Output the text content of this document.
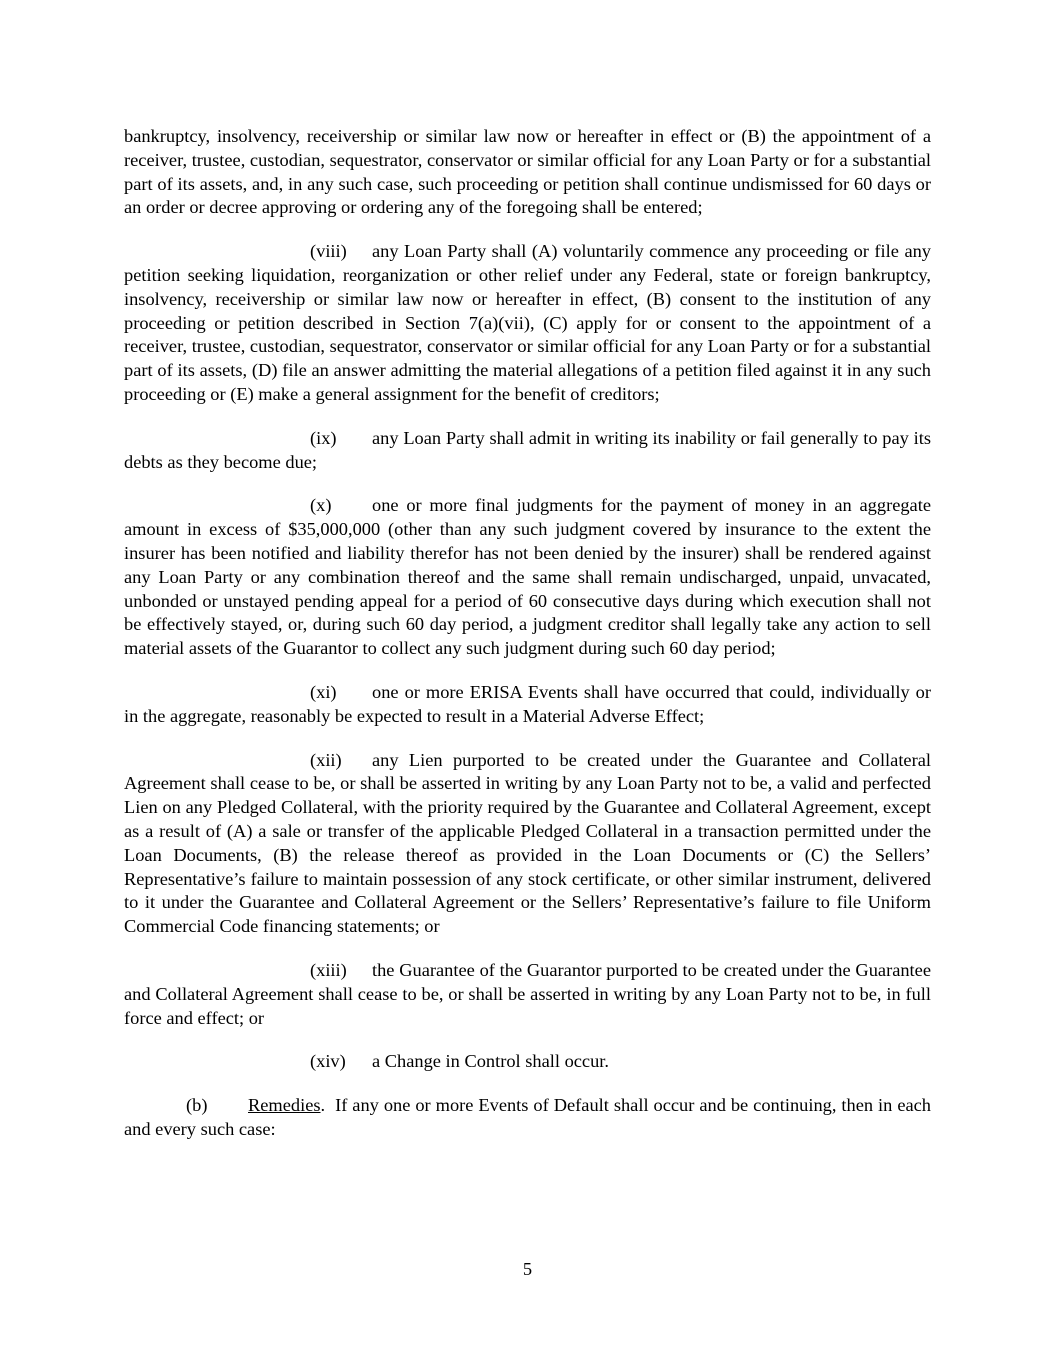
bankruptcy, insolvency, receivership or similar law now or hereafter in effect or (B) the appointment of a receiver, trustee, custodian, sequestrator, conservator or similar official for any Loan Party or for a substantial part of its assets, and, in any such case, such proceeding or petition shall continue undismissed for 60 days or an order or decree approving or ordering any of the foregoing shall be entered;

(viii) any Loan Party shall (A) voluntarily commence any proceeding or file any petition seeking liquidation, reorganization or other relief under any Federal, state or foreign bankruptcy, insolvency, receivership or similar law now or hereafter in effect, (B) consent to the institution of any proceeding or petition described in Section 7(a)(vii), (C) apply for or consent to the appointment of a receiver, trustee, custodian, sequestrator, conservator or similar official for any Loan Party or for a substantial part of its assets, (D) file an answer admitting the material allegations of a petition filed against it in any such proceeding or (E) make a general assignment for the benefit of creditors;

(ix) any Loan Party shall admit in writing its inability or fail generally to pay its debts as they become due;

(x) one or more final judgments for the payment of money in an aggregate amount in excess of $35,000,000 (other than any such judgment covered by insurance to the extent the insurer has been notified and liability therefor has not been denied by the insurer) shall be rendered against any Loan Party or any combination thereof and the same shall remain undischarged, unpaid, unvacated, unbonded or unstayed pending appeal for a period of 60 consecutive days during which execution shall not be effectively stayed, or, during such 60 day period, a judgment creditor shall legally take any action to sell material assets of the Guarantor to collect any such judgment during such 60 day period;

(xi) one or more ERISA Events shall have occurred that could, individually or in the aggregate, reasonably be expected to result in a Material Adverse Effect;

(xii) any Lien purported to be created under the Guarantee and Collateral Agreement shall cease to be, or shall be asserted in writing by any Loan Party not to be, a valid and perfected Lien on any Pledged Collateral, with the priority required by the Guarantee and Collateral Agreement, except as a result of (A) a sale or transfer of the applicable Pledged Collateral in a transaction permitted under the Loan Documents, (B) the release thereof as provided in the Loan Documents or (C) the Sellers’ Representative’s failure to maintain possession of any stock certificate, or other similar instrument, delivered to it under the Guarantee and Collateral Agreement or the Sellers’ Representative’s failure to file Uniform Commercial Code financing statements; or

(xiii) the Guarantee of the Guarantor purported to be created under the Guarantee and Collateral Agreement shall cease to be, or shall be asserted in writing by any Loan Party not to be, in full force and effect; or

(xiv) a Change in Control shall occur.

(b) Remedies. If any one or more Events of Default shall occur and be continuing, then in each and every such case:

5
